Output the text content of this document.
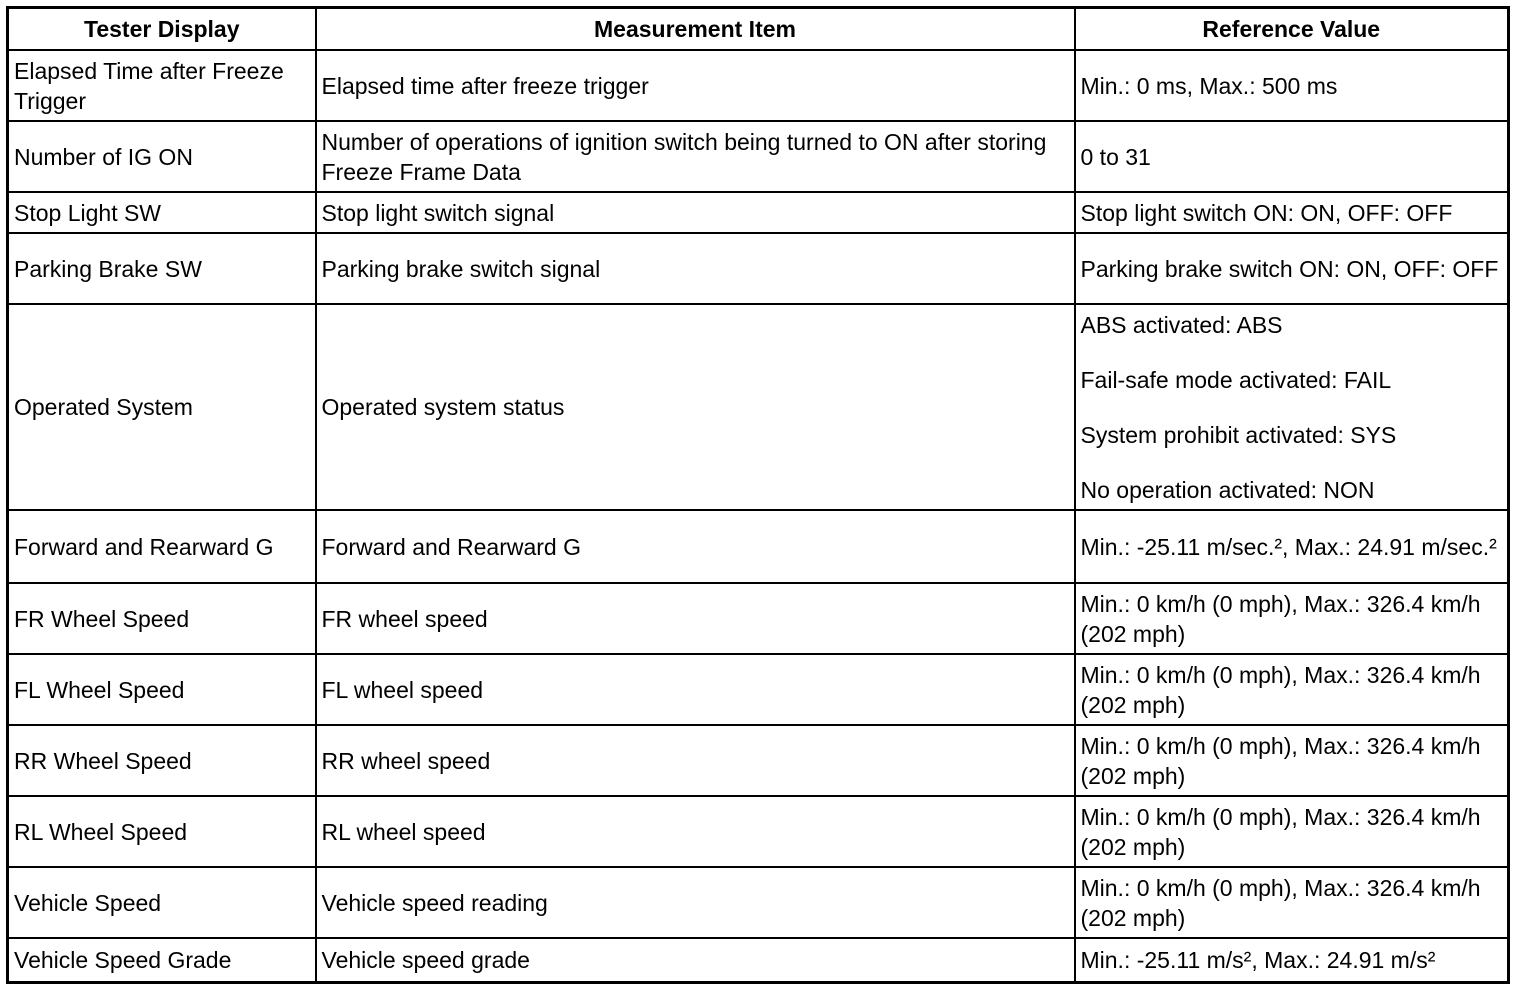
Tester Display	Measurement Item	Reference Value
Elapsed Time after Freeze Trigger	Elapsed time after freeze trigger	Min.: 0 ms, Max.: 500 ms

Number of IG ON	Number of operations of ignition switch being turned to ON after storing Freeze Frame Data	0 to 31

Stop Light SW	Stop light switch signal	Stop light switch ON: ON, OFF: OFF

Parking Brake SW	Parking brake switch signal	Parking brake switch ON: ON, OFF: OFF

Operated System	Operated system status	ABS activated: ABS
Fail-safe mode activated: FAIL
System prohibit activated: SYS
No operation activated: NON

Forward and Rearward G	Forward and Rearward G	Min.: -25.11 m/sec.², Max.: 24.91 m/sec.²

FR Wheel Speed	FR wheel speed	Min.: 0 km/h (0 mph), Max.: 326.4 km/h (202 mph)

FL Wheel Speed	FL wheel speed	Min.: 0 km/h (0 mph), Max.: 326.4 km/h (202 mph)

RR Wheel Speed	RR wheel speed	Min.: 0 km/h (0 mph), Max.: 326.4 km/h (202 mph)

RL Wheel Speed	RL wheel speed	Min.: 0 km/h (0 mph), Max.: 326.4 km/h (202 mph)

Vehicle Speed	Vehicle speed reading	Min.: 0 km/h (0 mph), Max.: 326.4 km/h (202 mph)

Vehicle Speed Grade	Vehicle speed grade	Min.: -25.11 m/s², Max.: 24.91 m/s²
